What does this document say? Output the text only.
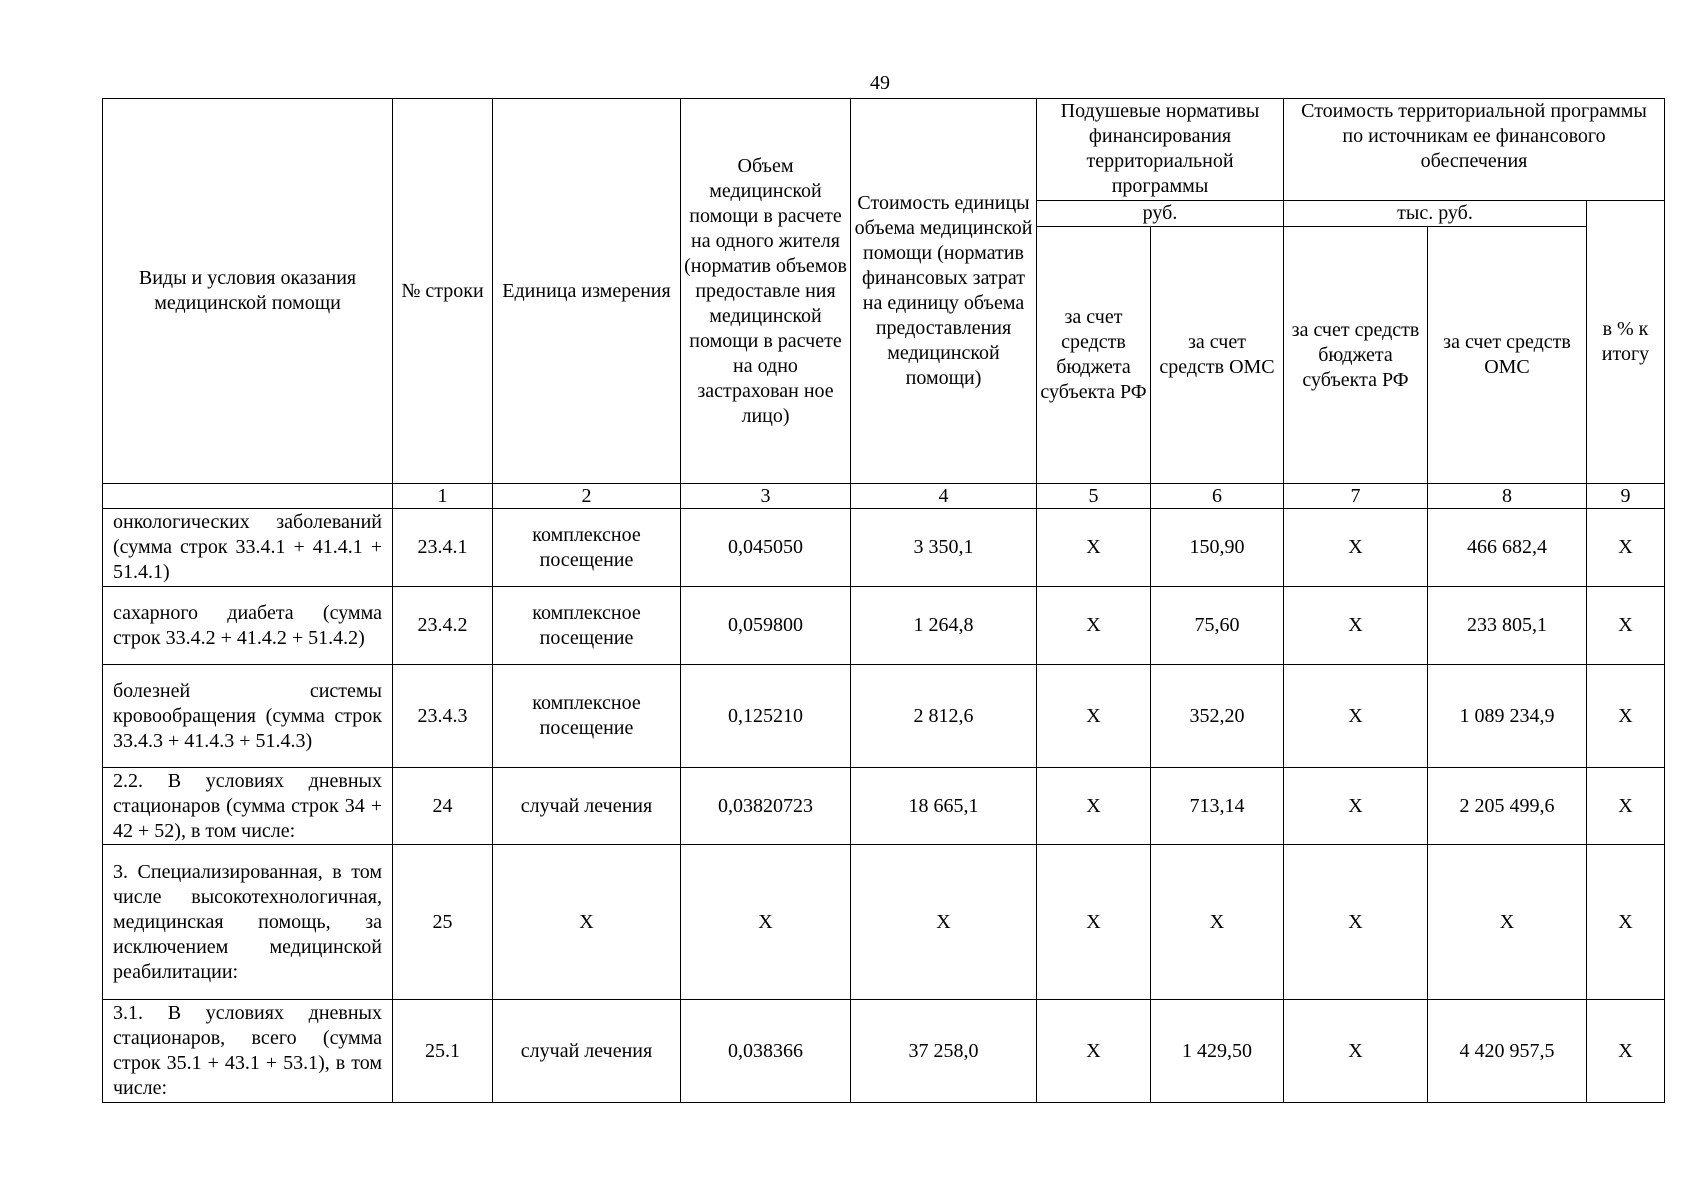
49
Виды и условия оказания медицинской помощи	№ строки	Единица измерения	Объем медицинской помощи в расчете на одного жителя (норматив объемов предоставле ния медицинской помощи в расчете на одно застрахован ное лицо)	Стоимость единицы объема медицинской помощи (норматив финансовых затрат на единицу объема предоставления медицинской помощи)	Подушевые нормативы финансирования территориальной программы		Стоимость территориальной программы по источникам ее финансового обеспечения		
					руб.		тыс. руб.		в % к итогу
					за счет средств бюджета субъекта РФ	за счет средств ОМС	за счет средств бюджета субъекта РФ	за счет средств ОМС	
	1	2	3	4	5	6	7	8	9
онкологических заболеваний (сумма строк 33.4.1 + 41.4.1 + 51.4.1)	23.4.1	комплексное посещение	0,045050	3 350,1	X	150,90	X	466 682,4	X
сахарного диабета (сумма строк 33.4.2 + 41.4.2 + 51.4.2)	23.4.2	комплексное посещение	0,059800	1 264,8	X	75,60	X	233 805,1	X
болезней системы кровообращения (сумма строк 33.4.3 + 41.4.3 + 51.4.3)	23.4.3	комплексное посещение	0,125210	2 812,6	X	352,20	X	1 089 234,9	X
2.2. В условиях дневных стационаров (сумма строк 34 + 42 + 52), в том числе:	24	случай лечения	0,03820723	18 665,1	X	713,14	X	2 205 499,6	X
3. Специализированная, в том числе высокотехнологичная, медицинская помощь, за исключением медицинской реабилитации:	25	X	X	X	X	X	X	X	X
3.1. В условиях дневных стационаров, всего (сумма строк 35.1 + 43.1 + 53.1), в том числе:	25.1	случай лечения	0,038366	37 258,0	X	1 429,50	X	4 420 957,5	X
